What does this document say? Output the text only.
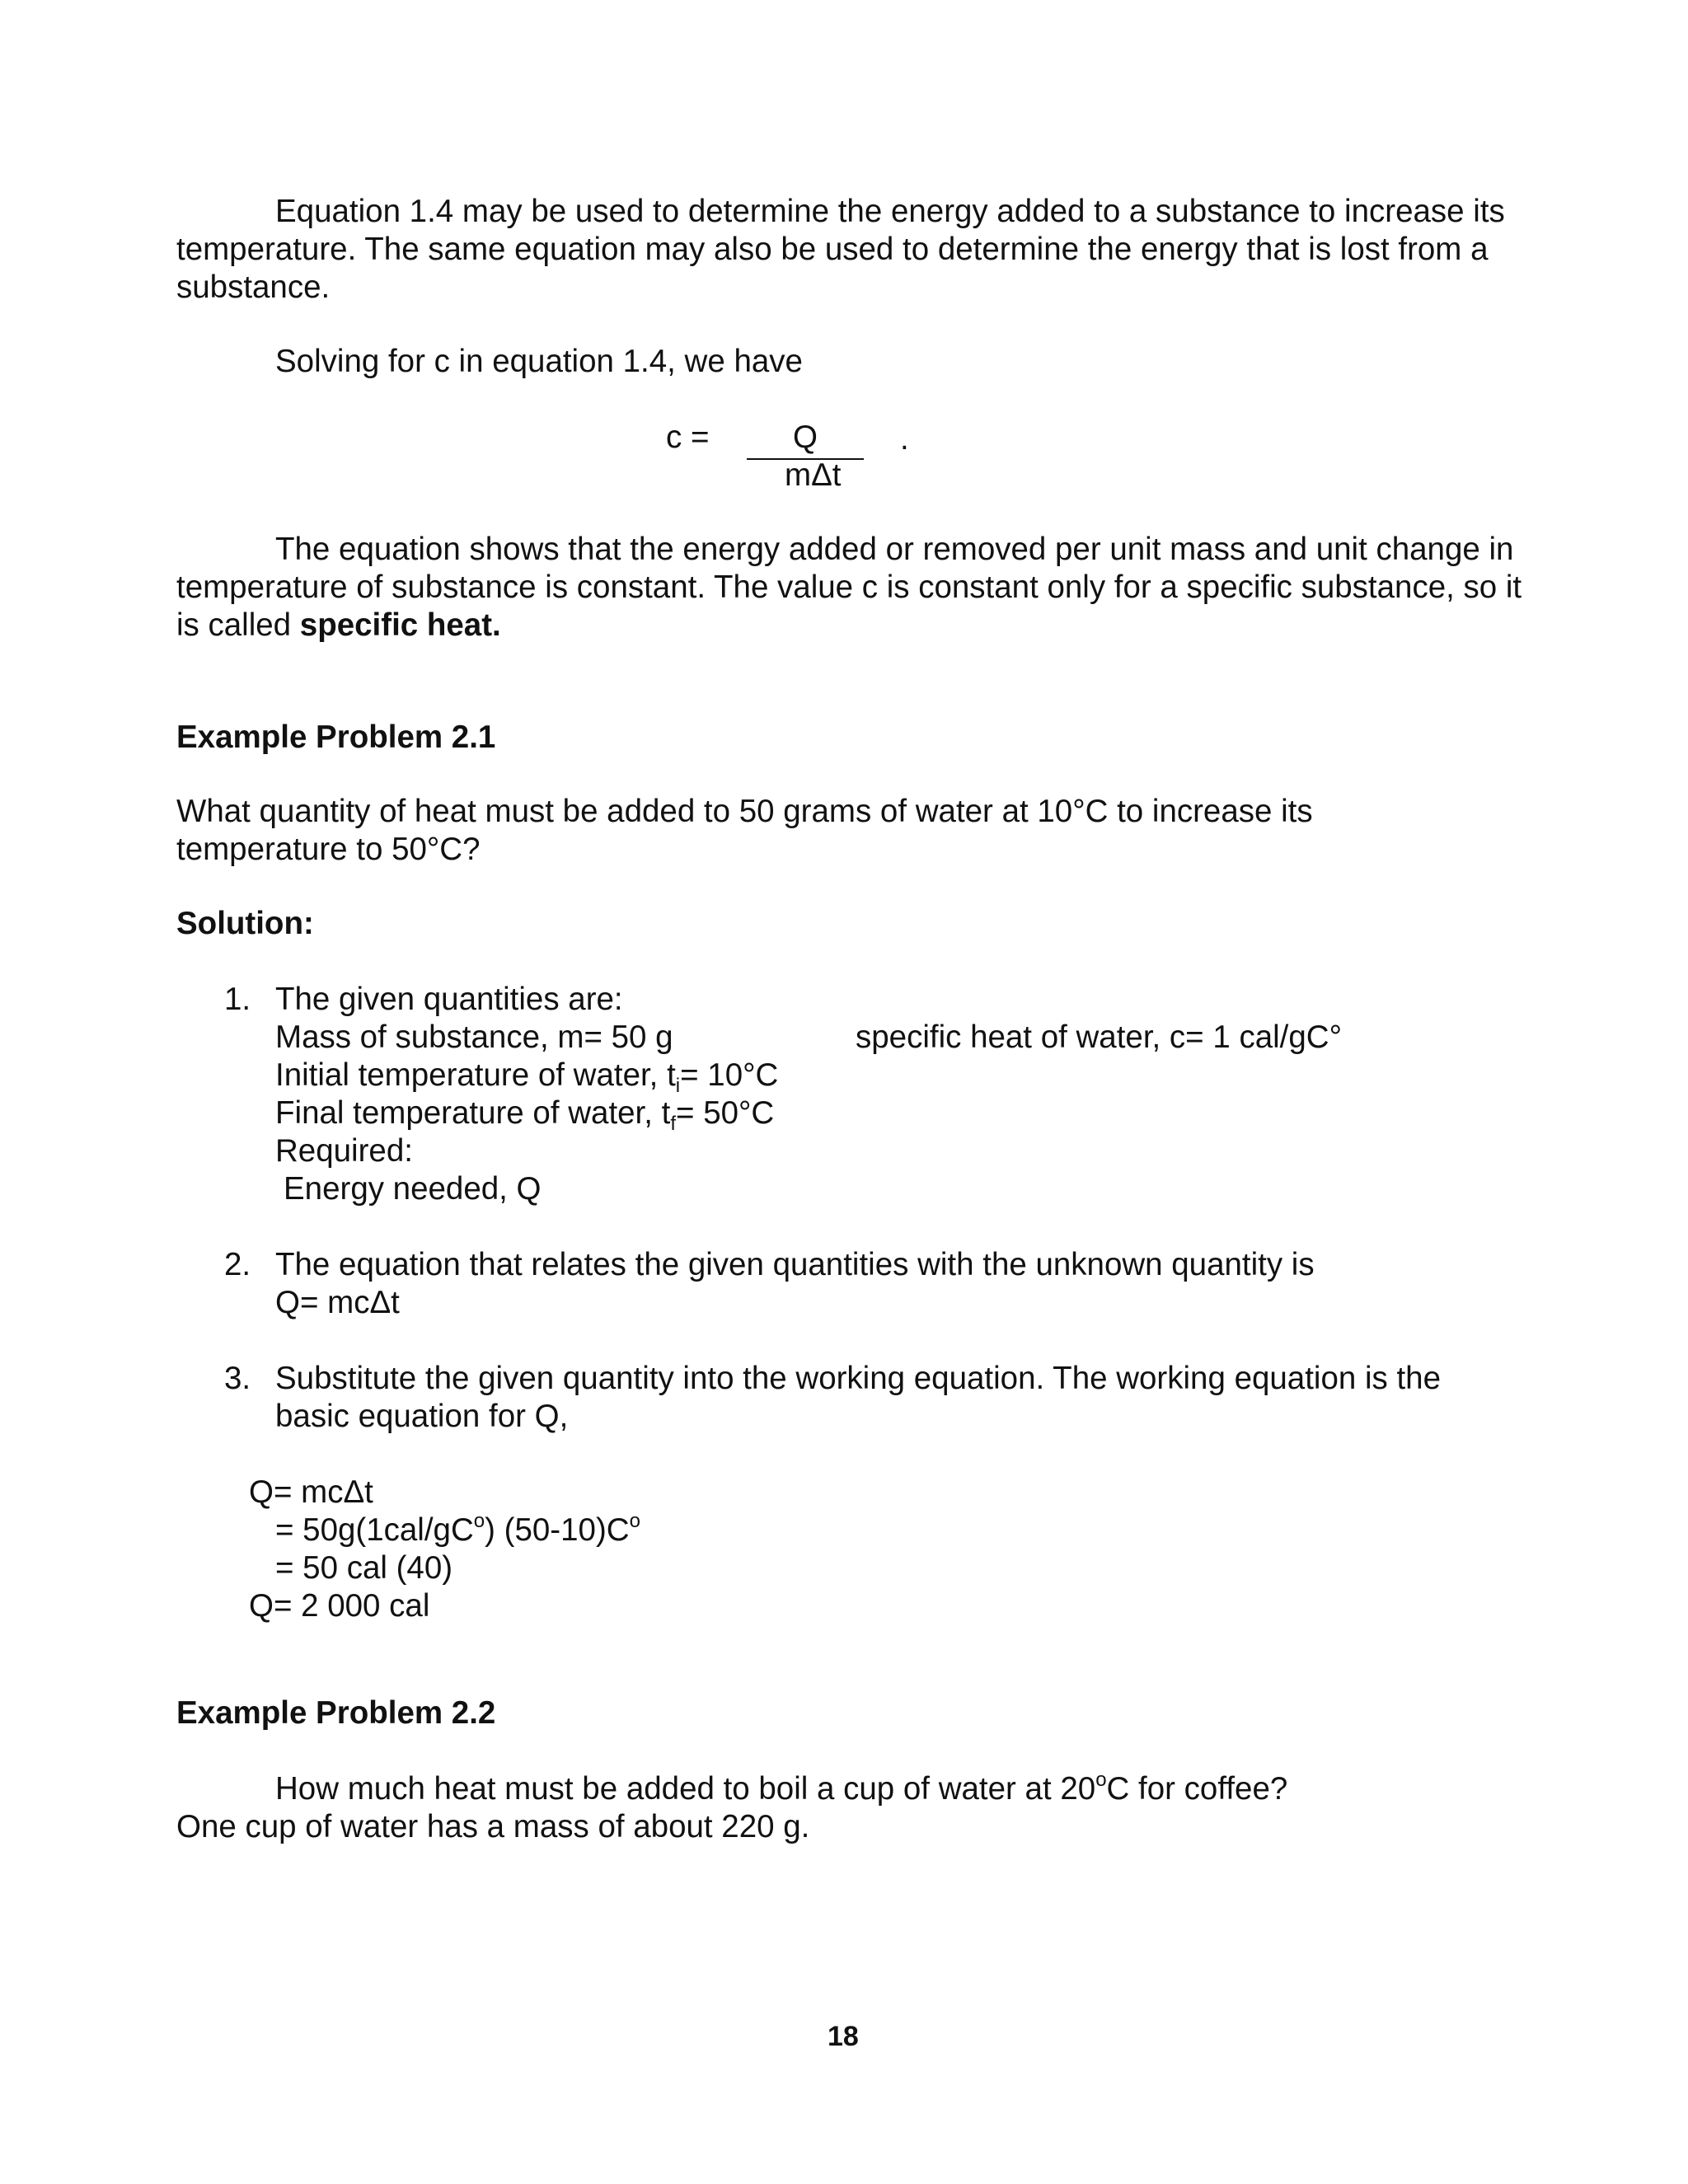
Equation 1.4 may be used to determine the energy added to a substance to increase its temperature. The same equation may also be used to determine the energy that is lost from a substance.
Solving for c in equation 1.4, we have
c =	Q
mΔt
.
The equation shows that the energy added or removed per unit mass and unit change in temperature of substance is constant. The value c is constant only for a specific substance, so it is called specific heat.
Example Problem 2.1
What quantity of heat must be added to 50 grams of water at 10°C to increase its
temperature to 50°C?
Solution:
1. The given quantities are:
Mass of substance, m= 50 g	specific heat of water, c= 1 cal/gC°
Initial temperature of water, $t_i= 10^\circ C$
Final temperature of water, $t_f= 50^\circ C$
Required:
Energy needed, Q
2. The equation that relates the given quantities with the unknown quantity is
Q= mcΔt
3. Substitute the given quantity into the working equation. The working equation is the
basic equation for Q,
Q= mcΔt
= $50g(1cal/gC^o)$ $(50-10)C^o$
= 50 cal (40)
Q= 2 000 cal
Example Problem 2.2
How much heat must be added to boil a cup of water at 20$^o$C for coffee?
One cup of water has a mass of about 220 g.
18
